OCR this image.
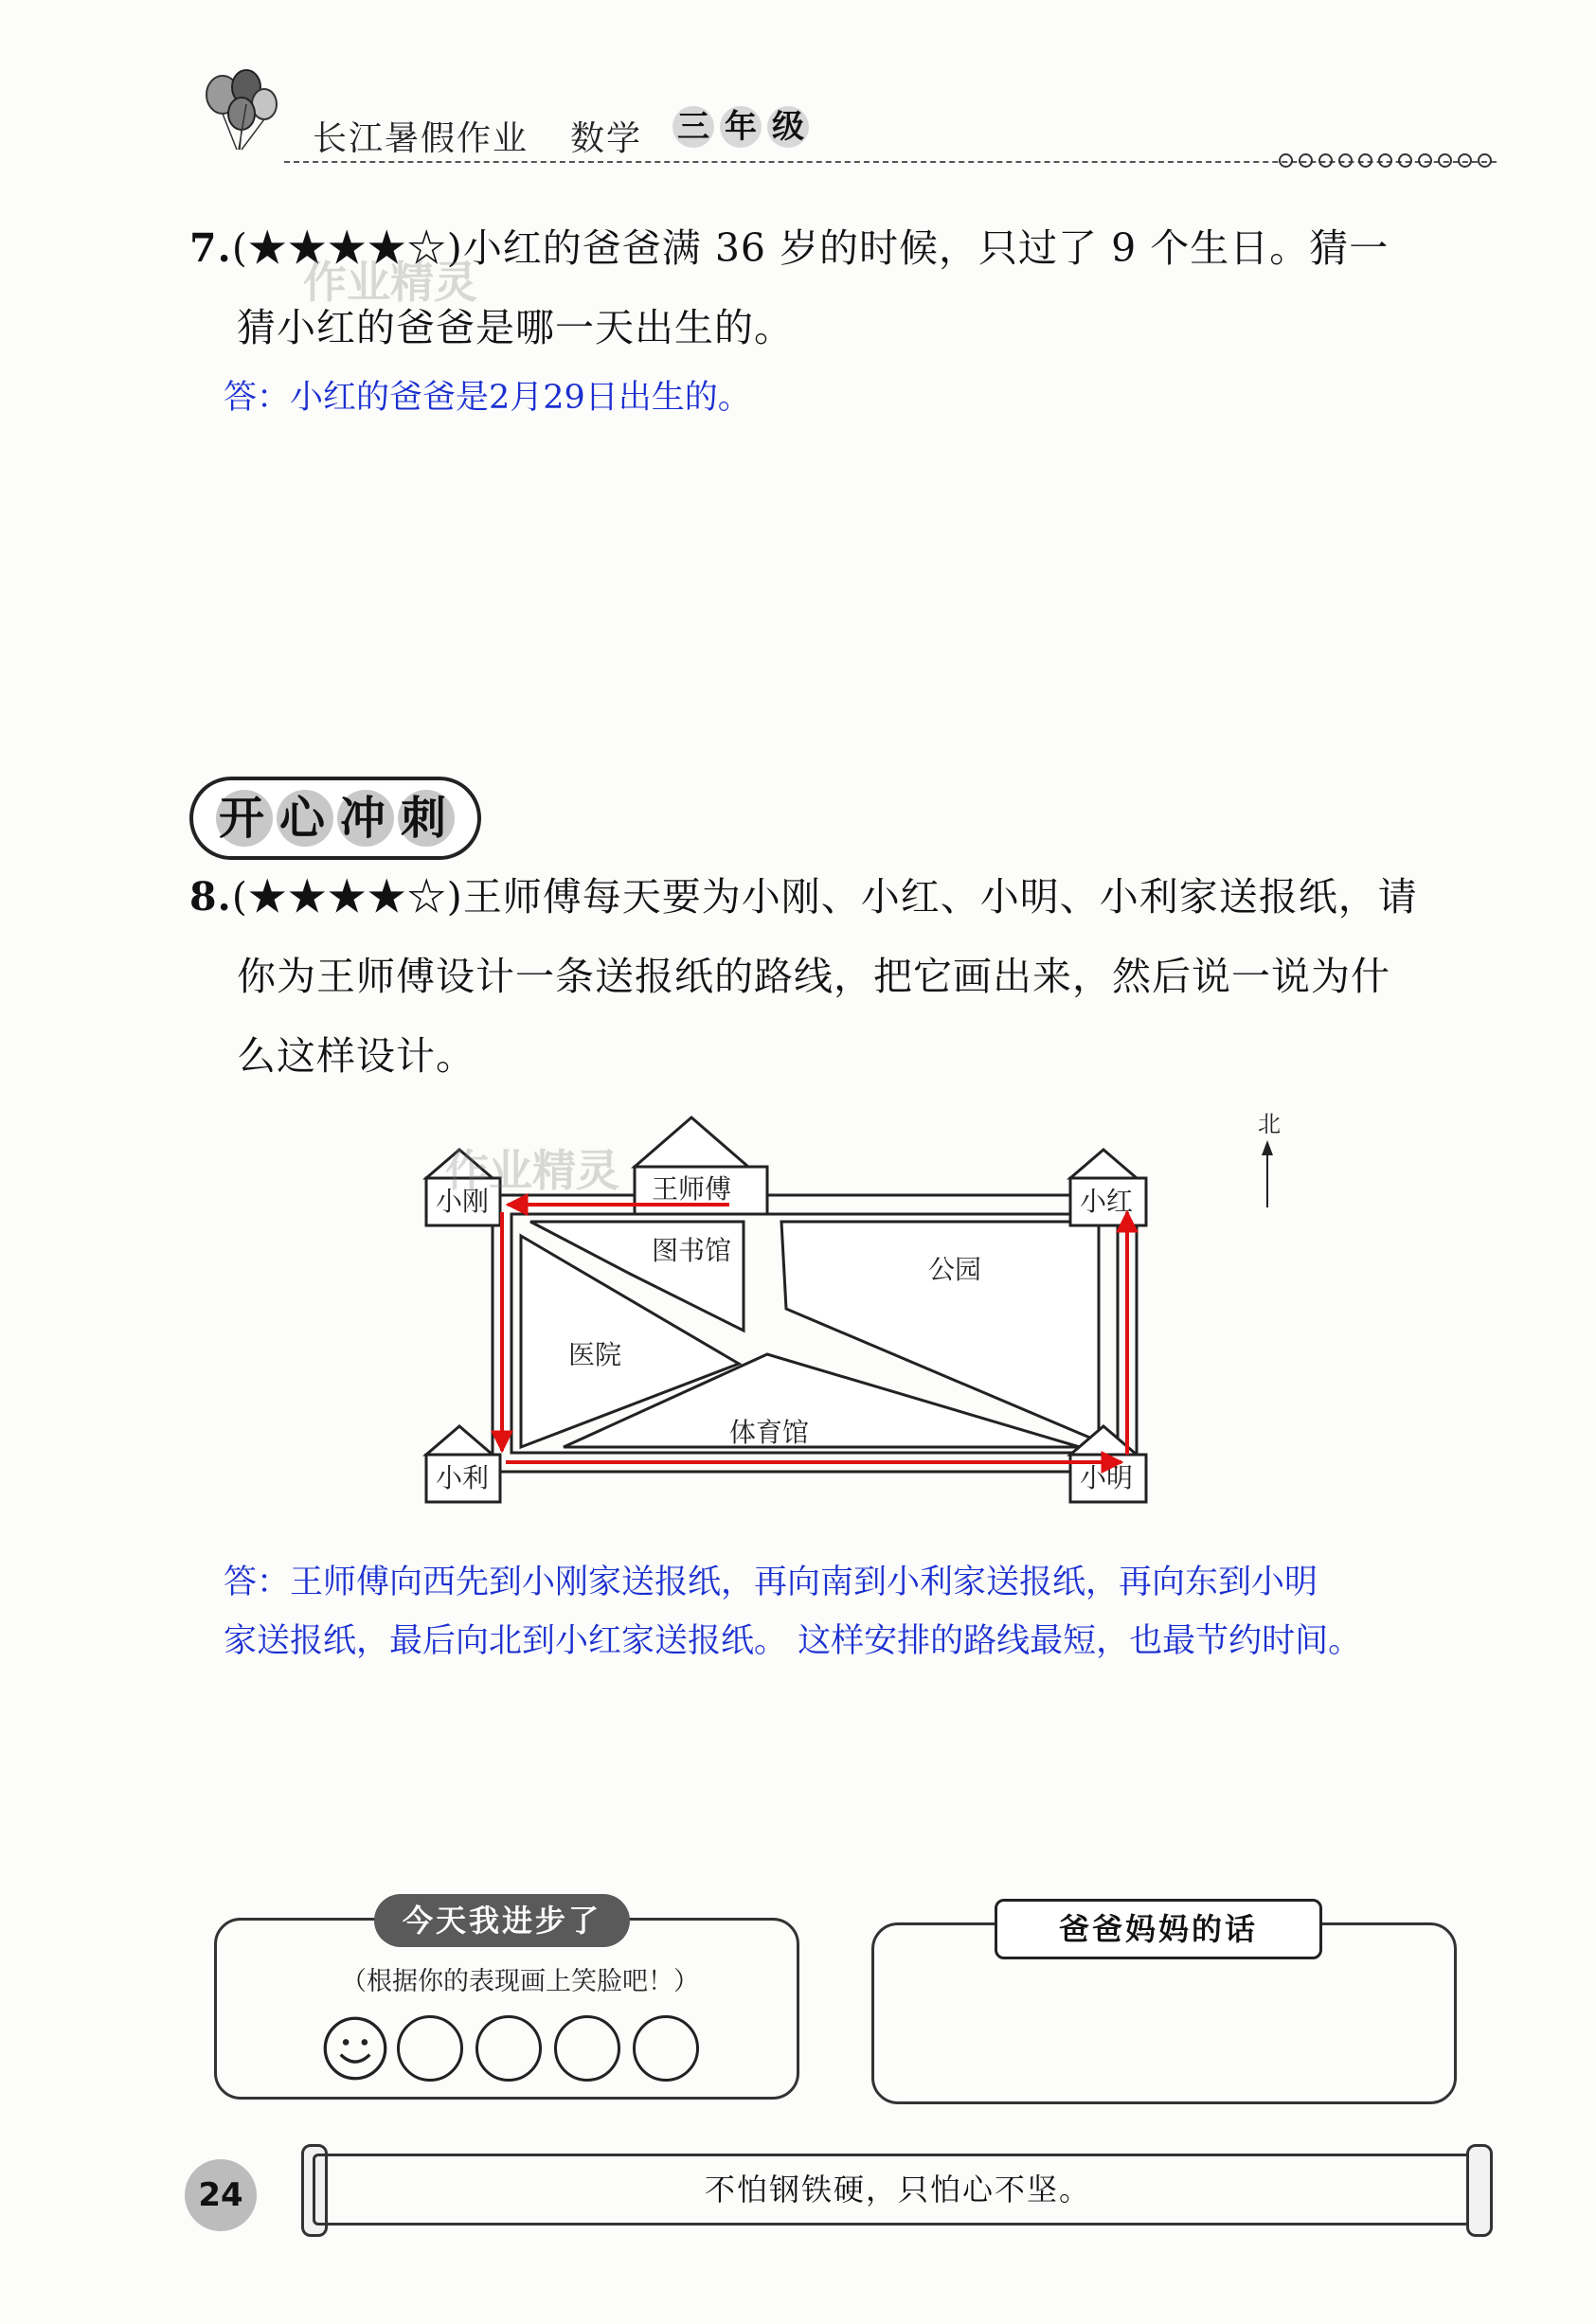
长江暑假作业 数学 三 年 级
7.(★★★★☆)小红的爸爸满 36 岁的时候，只过了 9 个生日。猜一
猜小红的爸爸是哪一天出生的。
答：小红的爸爸是2月29日出生的。
作业精灵
开 心 冲 刺
8.(★★★★☆)王师傅每天要为小刚、小红、小明、小利家送报纸，请
你为王师傅设计一条送报纸的路线，把它画出来，然后说一说为什
么这样设计。
王师傅
小刚	小红
小利	小明
图书馆
公园
医院
体育馆
北
作业精灵
答：王师傅向西先到小刚家送报纸，再向南到小利家送报纸，再向东到小明
家送报纸，最后向北到小红家送报纸。 这样安排的路线最短，也最节约时间。
今天我进步了
（根据你的表现画上笑脸吧！）

爸爸妈妈的话
24	不怕钢铁硬，只怕心不坚。
